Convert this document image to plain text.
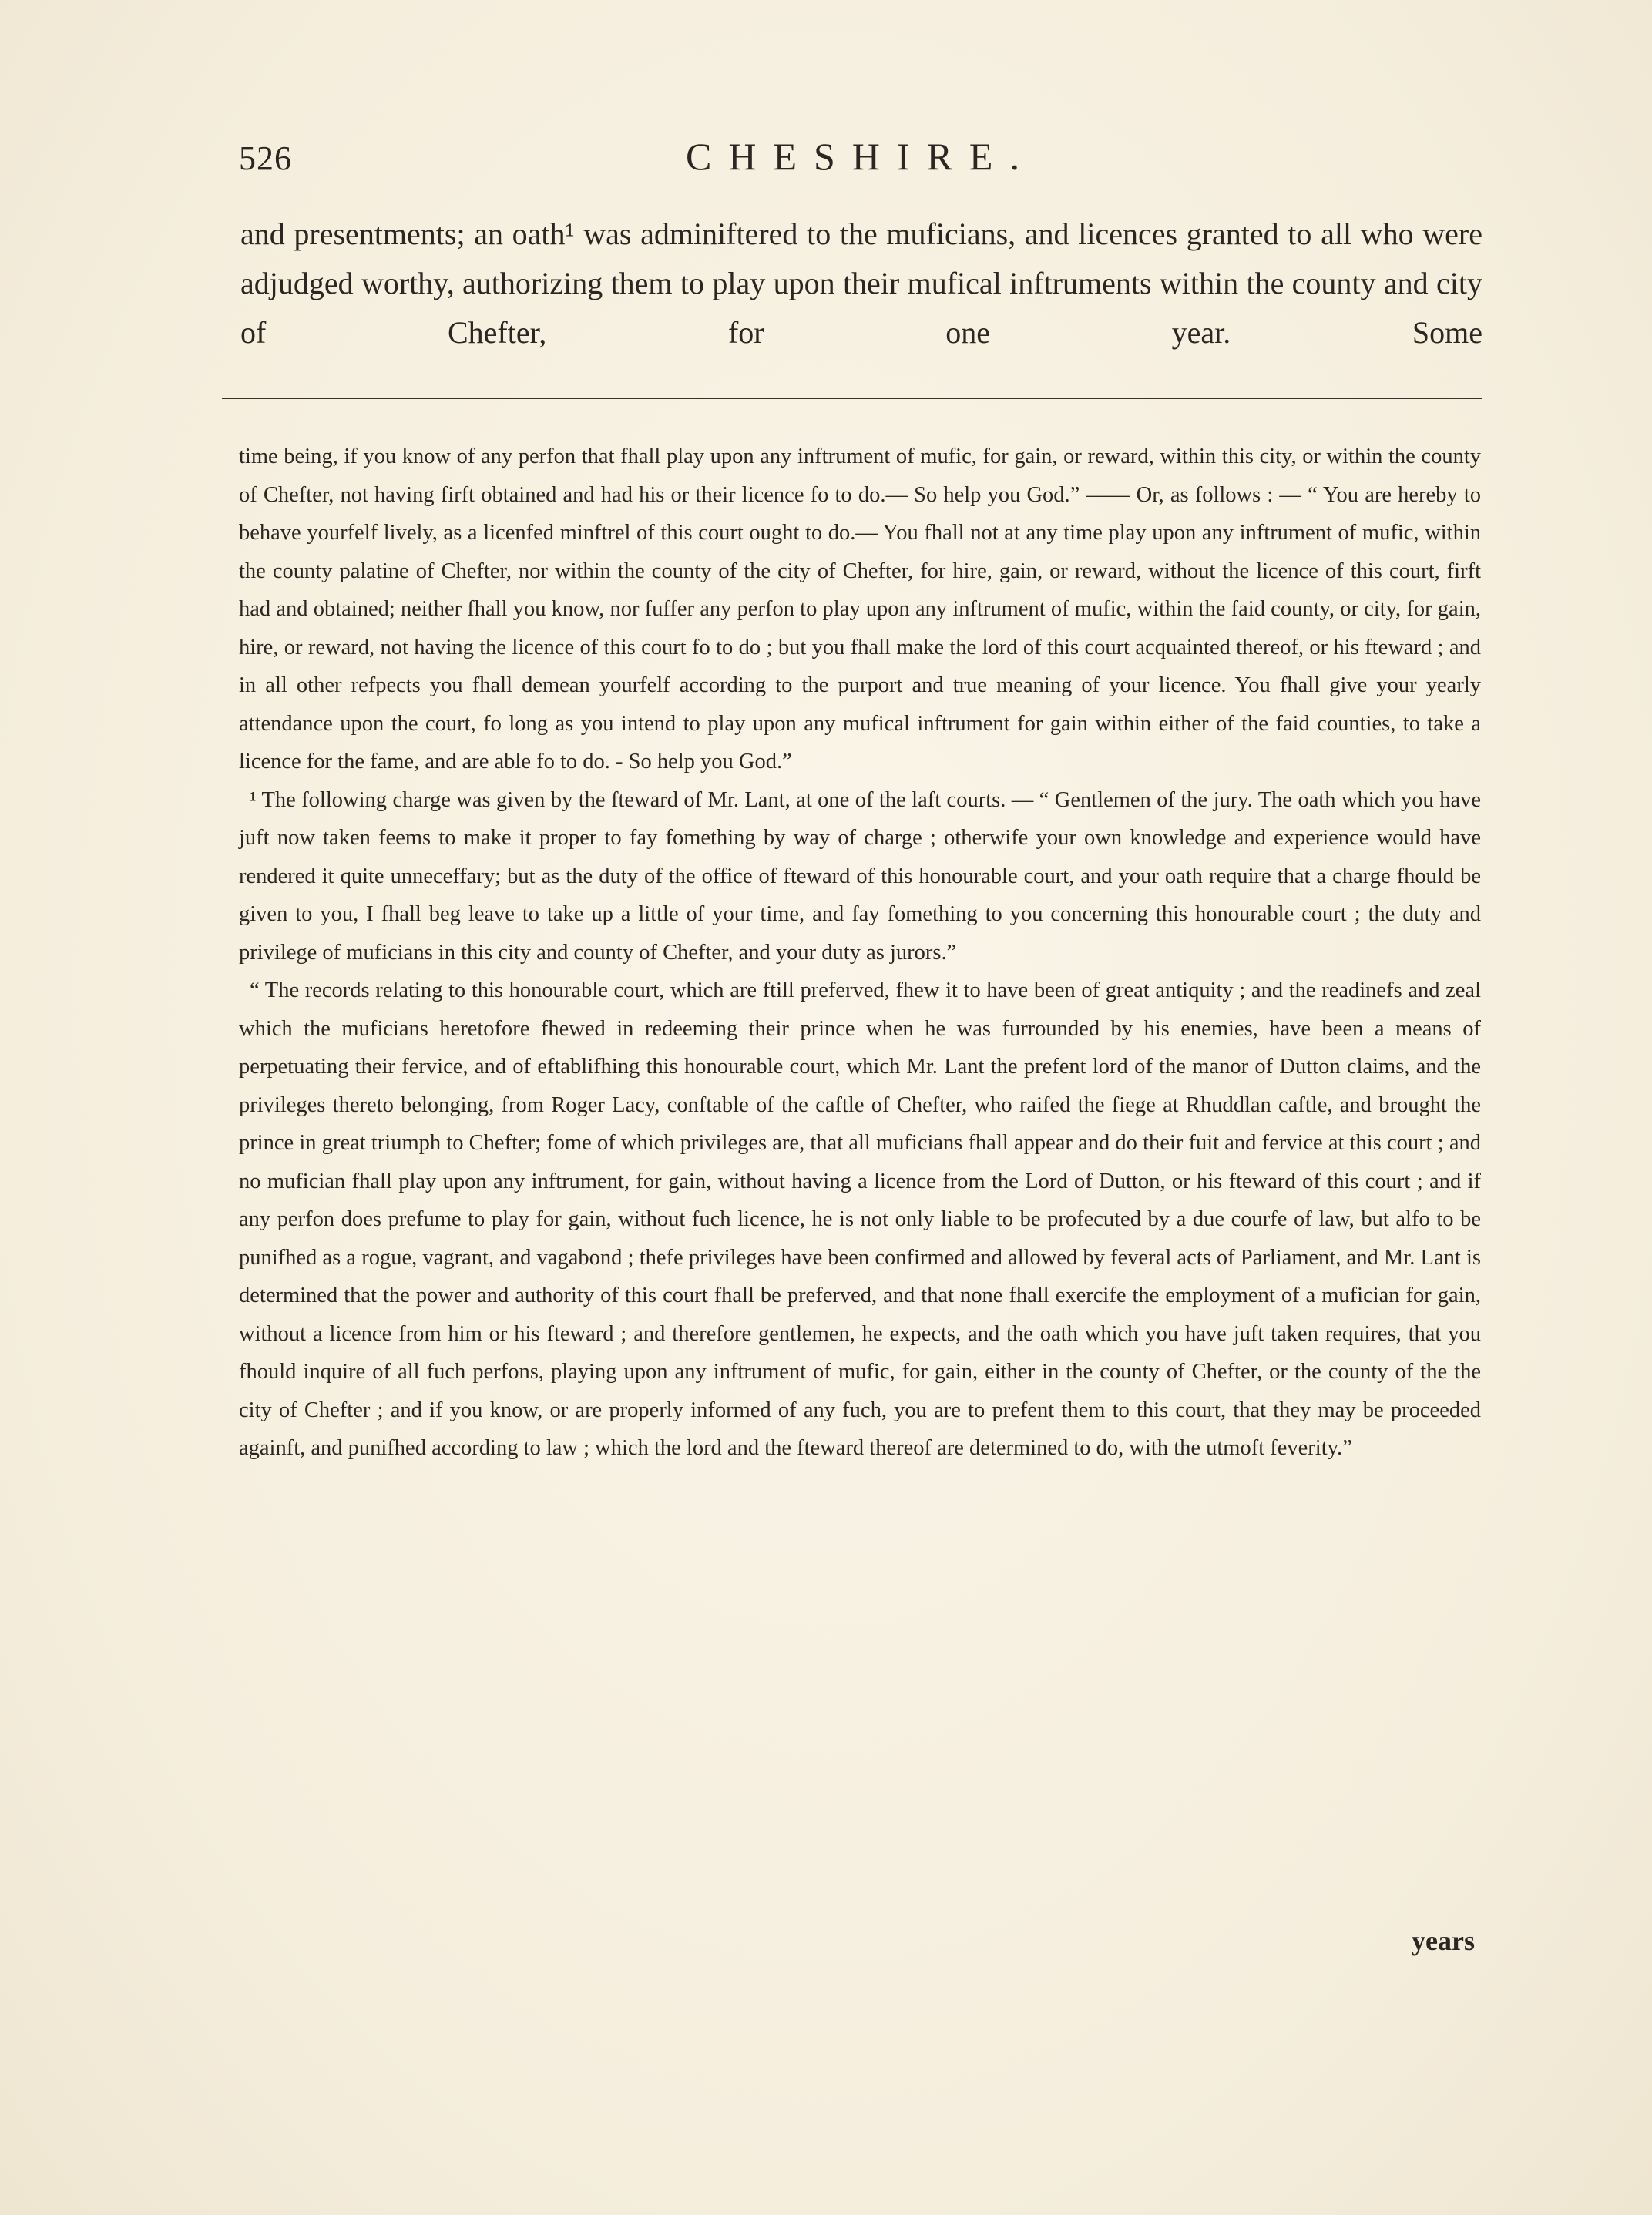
526	CHESHIRE.

and presentments; an oath¹ was adminiftered to the muficians, and licences granted to all who were adjudged worthy, authorizing them to play upon their mufical inftruments within the county and city of Chefter, for one year. Some

time being, if you know of any perfon that fhall play upon any inftrument of mufic, for gain, or reward, within this city, or within the county of Chefter, not having firft obtained and had his or their licence fo to do.— So help you God.” —— Or, as follows : — “ You are hereby to behave yourfelf lively, as a licenfed minftrel of this court ought to do.— You fhall not at any time play upon any inftrument of mufic, within the county palatine of Chefter, nor within the county of the city of Chefter, for hire, gain, or reward, without the licence of this court, firft had and obtained; neither fhall you know, nor fuffer any perfon to play upon any inftrument of mufic, within the faid county, or city, for gain, hire, or reward, not having the licence of this court fo to do ; but you fhall make the lord of this court acquainted thereof, or his fteward ; and in all other refpects you fhall demean yourfelf according to the purport and true meaning of your licence. You fhall give your yearly attendance upon the court, fo long as you intend to play upon any mufical inftrument for gain within either of the faid counties, to take a licence for the fame, and are able fo to do. - So help you God.”

¹ The following charge was given by the fteward of Mr. Lant, at one of the laft courts. — “ Gentlemen of the jury. The oath which you have juft now taken feems to make it proper to fay fomething by way of charge ; otherwife your own knowledge and experience would have rendered it quite unneceffary; but as the duty of the office of fteward of this honourable court, and your oath require that a charge fhould be given to you, I fhall beg leave to take up a little of your time, and fay fomething to you concerning this honourable court ; the duty and privilege of muficians in this city and county of Chefter, and your duty as jurors.”

“ The records relating to this honourable court, which are ftill preferved, fhew it to have been of great antiquity ; and the readinefs and zeal which the muficians heretofore fhewed in redeeming their prince when he was furrounded by his enemies, have been a means of perpetuating their fervice, and of eftablifhing this honourable court, which Mr. Lant the prefent lord of the manor of Dutton claims, and the privileges thereto belonging, from Roger Lacy, conftable of the caftle of Chefter, who raifed the fiege at Rhuddlan caftle, and brought the prince in great triumph to Chefter; fome of which privileges are, that all muficians fhall appear and do their fuit and fervice at this court ; and no mufician fhall play upon any inftrument, for gain, without having a licence from the Lord of Dutton, or his fteward of this court ; and if any perfon does prefume to play for gain, without fuch licence, he is not only liable to be profecuted by a due courfe of law, but alfo to be punifhed as a rogue, vagrant, and vagabond ; thefe privileges have been confirmed and allowed by feveral acts of Parliament, and Mr. Lant is determined that the power and authority of this court fhall be preferved, and that none fhall exercife the employment of a mufician for gain, without a licence from him or his fteward ; and therefore gentlemen, he expects, and the oath which you have juft taken requires, that you fhould inquire of all fuch perfons, playing upon any inftrument of mufic, for gain, either in the county of Chefter, or the county of the the city of Chefter ; and if you know, or are properly informed of any fuch, you are to prefent them to this court, that they may be proceeded againft, and punifhed according to law ; which the lord and the fteward thereof are determined to do, with the utmoft feverity.”

years
